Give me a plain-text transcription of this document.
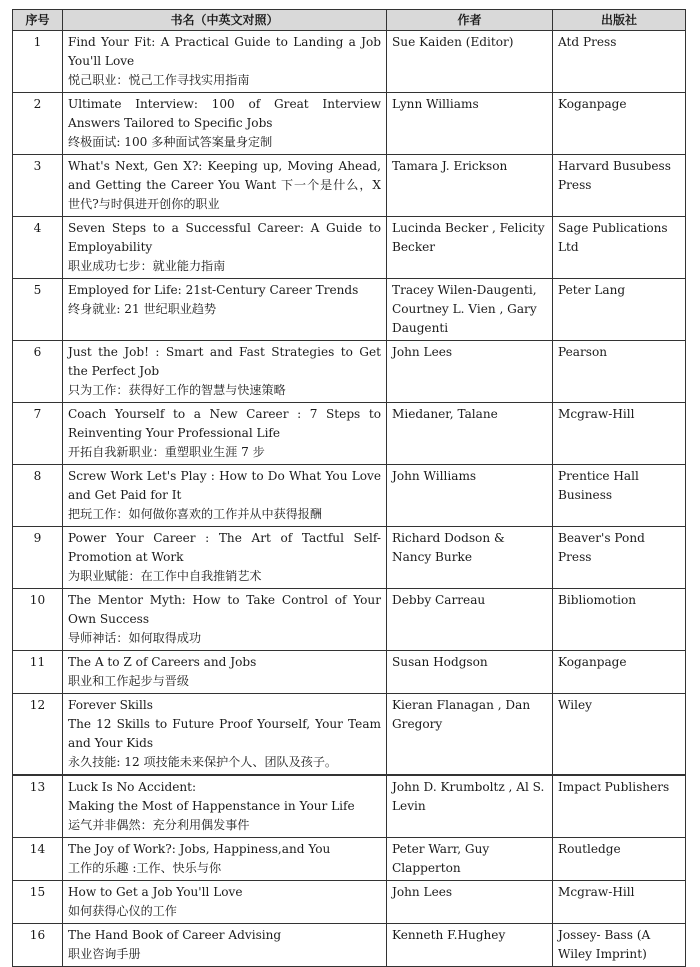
序号	书名（中英文对照）	作者	出版社
1	Find Your Fit: A Practical Guide to Landing a Job You'll Love
悦己职业：悦己工作寻找实用指南	Sue Kaiden (Editor)	Atd Press
2	Ultimate Interview: 100 of Great Interview Answers Tailored to Specific Jobs
终极面试: 100 多种面试答案量身定制	Lynn Williams	Koganpage
3	What's Next, Gen X?: Keeping up, Moving Ahead, and Getting the Career You Want 下一个是什么，X 世代?与时俱进开创你的职业	Tamara J. Erickson	Harvard Busubess Press
4	Seven Steps to a Successful Career: A Guide to Employability
职业成功七步：就业能力指南	Lucinda Becker , Felicity Becker	Sage Publications Ltd
5	Employed for Life: 21st-Century Career Trends
终身就业: 21 世纪职业趋势	Tracey Wilen-Daugenti, Courtney L. Vien , Gary Daugenti	Peter Lang
6	Just the Job! : Smart and Fast Strategies to Get the Perfect Job
只为工作：获得好工作的智慧与快速策略	John Lees	Pearson
7	Coach Yourself to a New Career : 7 Steps to Reinventing Your Professional Life
开拓自我新职业：重塑职业生涯 7 步	Miedaner, Talane	Mcgraw-Hill
8	Screw Work Let's Play : How to Do What You Love and Get Paid for It
把玩工作：如何做你喜欢的工作并从中获得报酬	John Williams	Prentice Hall Business
9	Power Your Career : The Art of Tactful Self-Promotion at Work
为职业赋能：在工作中自我推销艺术	Richard Dodson & Nancy Burke	Beaver's Pond Press
10	The Mentor Myth: How to Take Control of Your Own Success
导师神话：如何取得成功	Debby Carreau	Bibliomotion
11	The A to Z of Careers and Jobs
职业和工作起步与晋级	Susan Hodgson	Koganpage
12	Forever Skills
The 12 Skills to Future Proof Yourself, Your Team and Your Kids
永久技能: 12 项技能未来保护个人、团队及孩子。	Kieran Flanagan , Dan Gregory	Wiley
13	Luck Is No Accident:
Making the Most of Happenstance in Your Life
运气并非偶然：充分利用偶发事件	John D. Krumboltz , Al S. Levin	Impact Publishers
14	The Joy of Work?: Jobs, Happiness,and You
工作的乐趣 :工作、快乐与你	Peter Warr, Guy Clapperton	Routledge
15	How to Get a Job You'll Love
如何获得心仪的工作	John Lees	Mcgraw-Hill
16	The Hand Book of Career Advising
职业咨询手册	Kenneth F.Hughey	Jossey- Bass (A Wiley Imprint)
